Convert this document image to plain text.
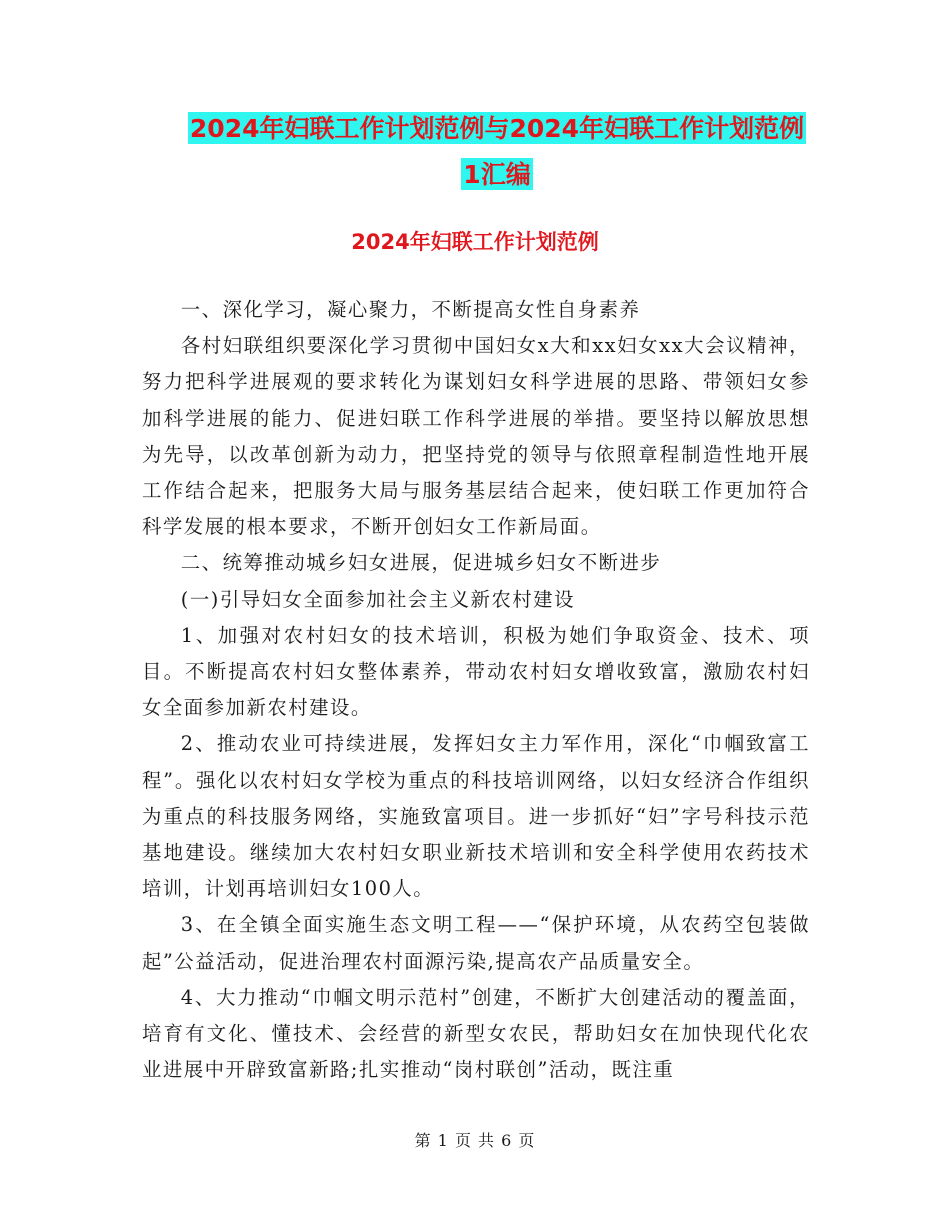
2024年妇联工作计划范例与2024年妇联工作计划范例
1汇编
2024年妇联工作计划范例

一、深化学习，凝心聚力，不断提高女性自身素养

各村妇联组织要深化学习贯彻中国妇女x大和xx妇女xx大会议精神，努力把科学进展观的要求转化为谋划妇女科学进展的思路、带领妇女参加科学进展的能力、促进妇联工作科学进展的举措。要坚持以解放思想为先导，以改革创新为动力，把坚持党的领导与依照章程制造性地开展工作结合起来，把服务大局与服务基层结合起来，使妇联工作更加符合科学发展的根本要求，不断开创妇女工作新局面。

二、统筹推动城乡妇女进展，促进城乡妇女不断进步

(一)引导妇女全面参加社会主义新农村建设

1、加强对农村妇女的技术培训，积极为她们争取资金、技术、项目。不断提高农村妇女整体素养，带动农村妇女增收致富，激励农村妇女全面参加新农村建设。

2、推动农业可持续进展，发挥妇女主力军作用，深化“巾帼致富工程”。强化以农村妇女学校为重点的科技培训网络，以妇女经济合作组织为重点的科技服务网络，实施致富项目。进一步抓好“妇”字号科技示范基地建设。继续加大农村妇女职业新技术培训和安全科学使用农药技术培训，计划再培训妇女100人。

3、在全镇全面实施生态文明工程——“保护环境，从农药空包装做起”公益活动，促进治理农村面源污染,提高农产品质量安全。

4、大力推动“巾帼文明示范村”创建，不断扩大创建活动的覆盖面，培育有文化、懂技术、会经营的新型女农民，帮助妇女在加快现代化农业进展中开辟致富新路;扎实推动“岗村联创”活动，既注重

第 1 页 共 6 页
